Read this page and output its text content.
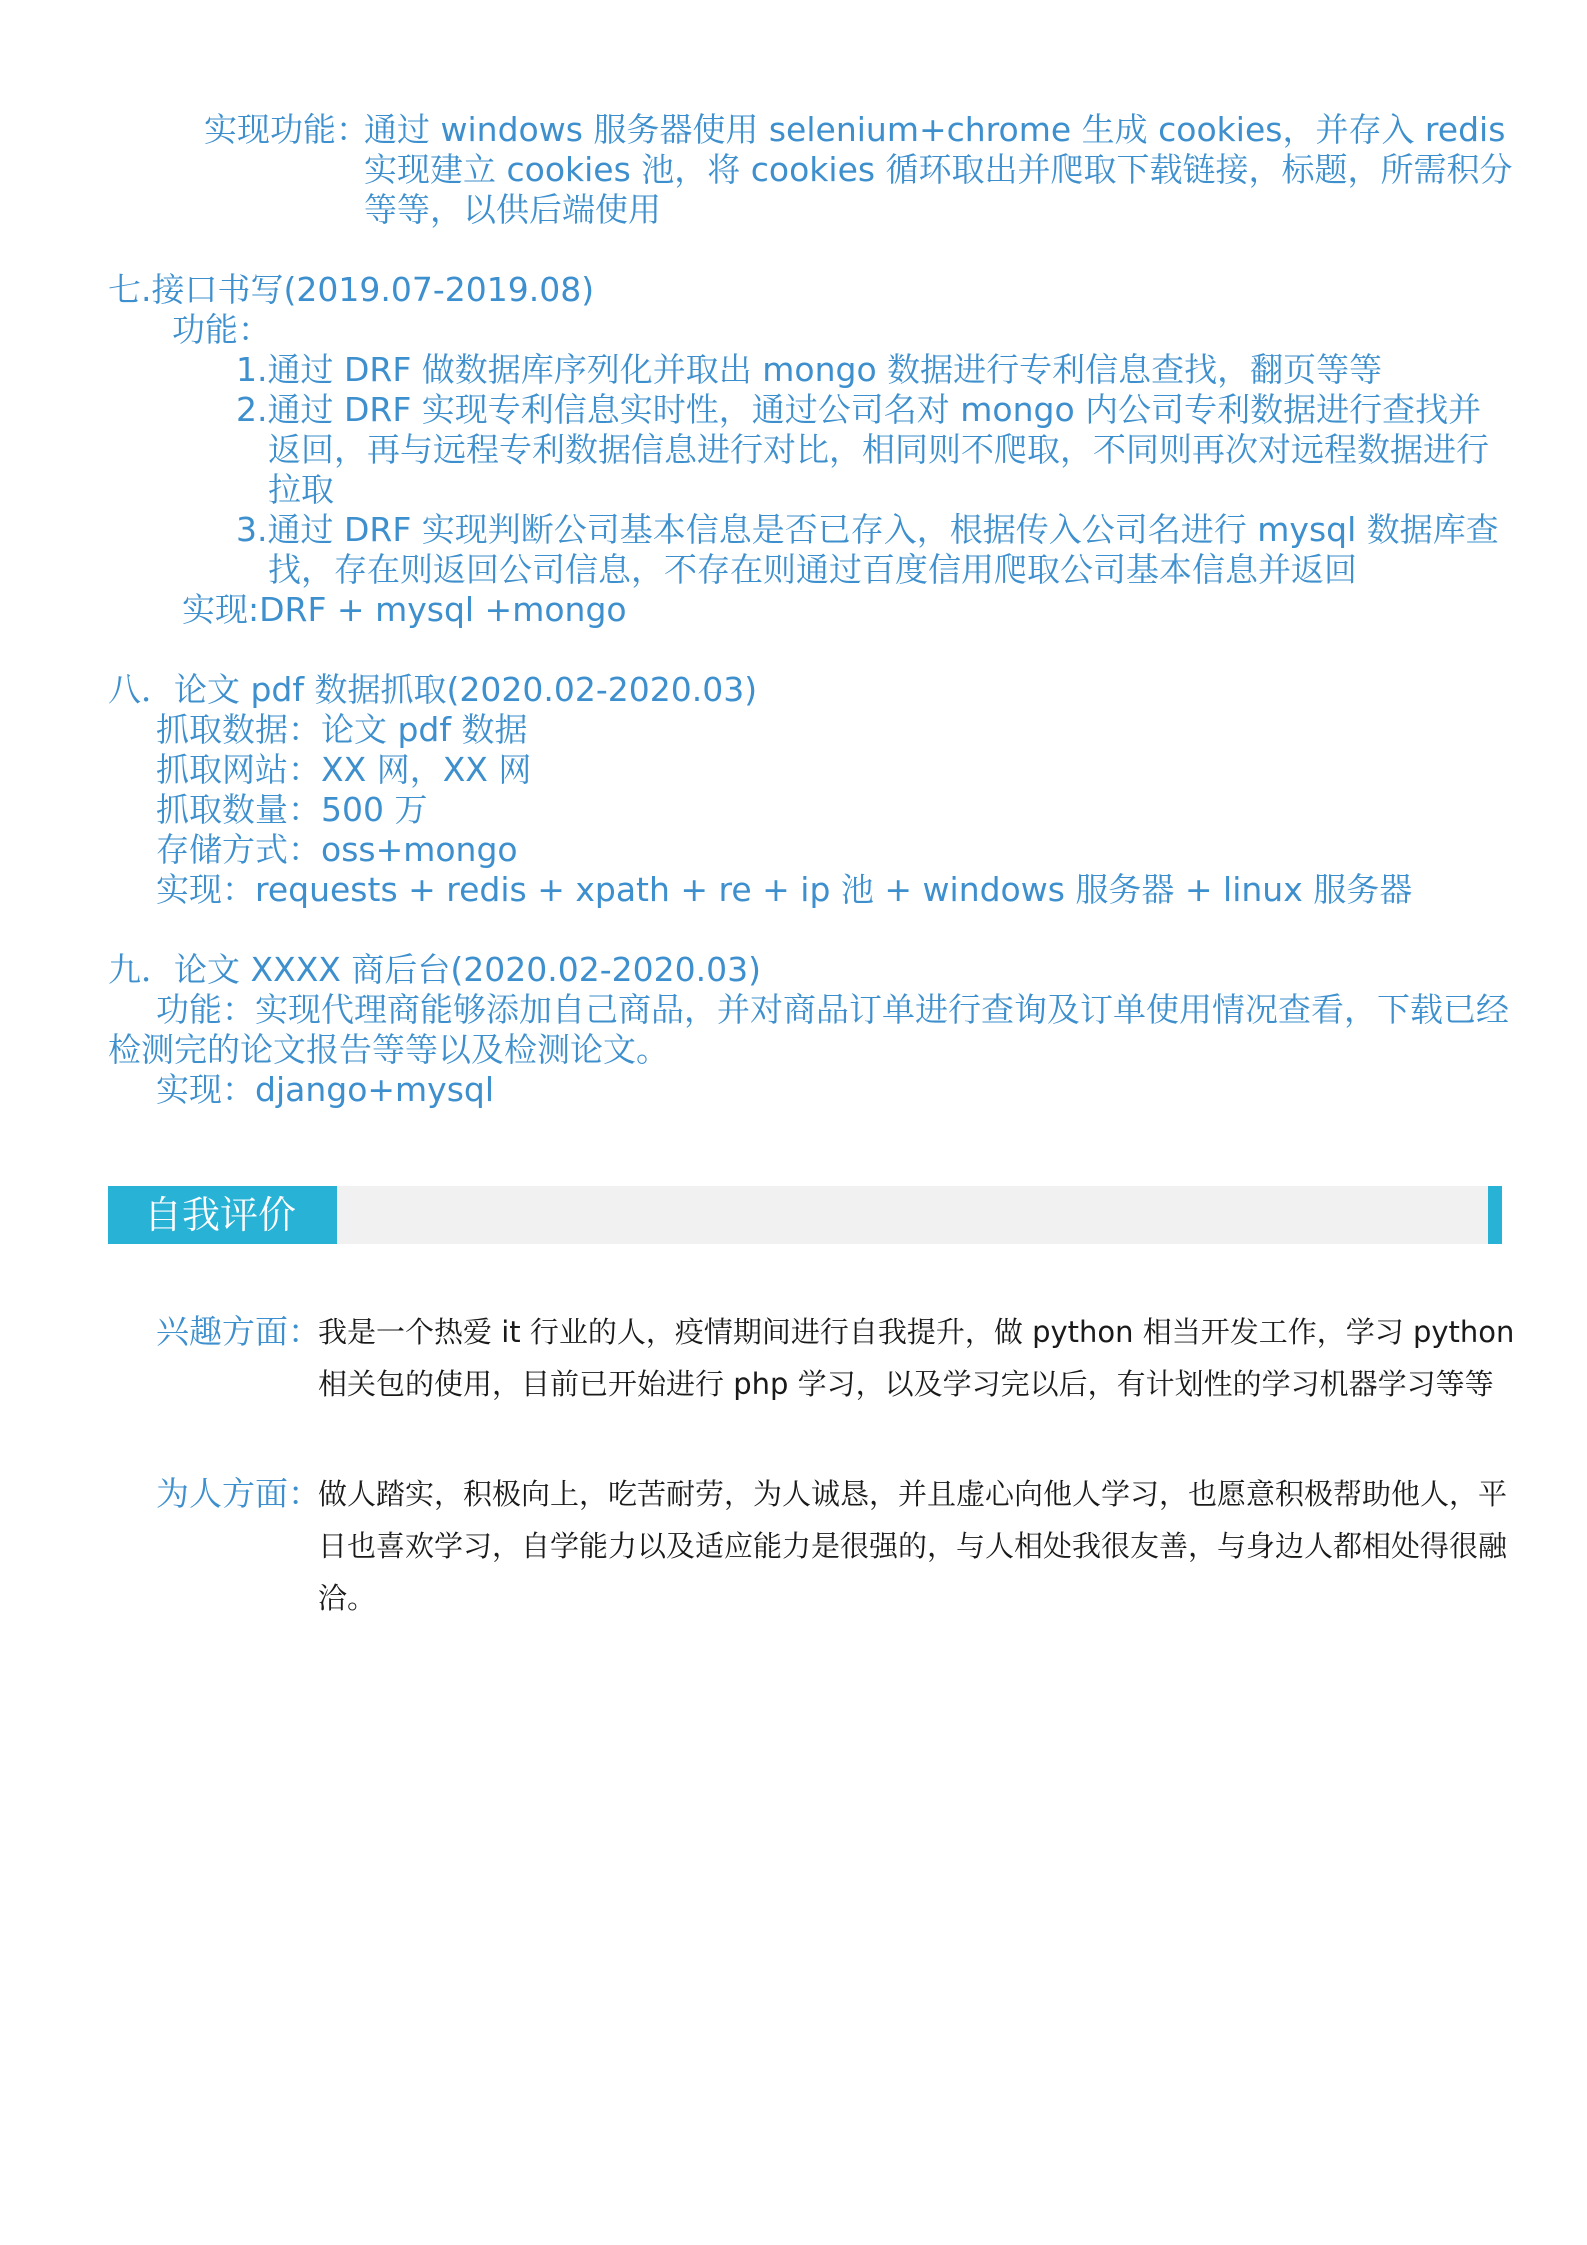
实现功能：
通过 windows 服务器使用 selenium+chrome 生成 cookies，并存入 redis
实现建立 cookies 池，将 cookies 循环取出并爬取下载链接，标题，所需积分
等等，以供后端使用
七.接口书写(2019.07-2019.08)
功能：
1.通过 DRF 做数据库序列化并取出 mongo 数据进行专利信息查找，翻页等等
2.通过 DRF 实现专利信息实时性，通过公司名对 mongo 内公司专利数据进行查找并
返回，再与远程专利数据信息进行对比，相同则不爬取，不同则再次对远程数据进行
拉取
3.通过 DRF 实现判断公司基本信息是否已存入，根据传入公司名进行 mysql 数据库查
找，存在则返回公司信息，不存在则通过百度信用爬取公司基本信息并返回
实现:DRF + mysql +mongo
八．论文 pdf 数据抓取(2020.02-2020.03)
抓取数据：论文 pdf 数据
抓取网站：XX 网，XX 网
抓取数量：500 万
存储方式：oss+mongo
实现：requests + redis + xpath + re + ip 池 + windows 服务器 + linux 服务器
九．论文 XXXX 商后台(2020.02-2020.03)
功能：实现代理商能够添加自己商品，并对商品订单进行查询及订单使用情况查看，下载已经
检测完的论文报告等等以及检测论文。
实现：django+mysql
自我评价
兴趣方面：
我是一个热爱 it 行业的人，疫情期间进行自我提升，做 python 相当开发工作，学习 python
相关包的使用，目前已开始进行 php 学习，以及学习完以后，有计划性的学习机器学习等等
为人方面：
做人踏实，积极向上，吃苦耐劳，为人诚恳，并且虚心向他人学习，也愿意积极帮助他人，平
日也喜欢学习，自学能力以及适应能力是很强的，与人相处我很友善，与身边人都相处得很融
洽。
